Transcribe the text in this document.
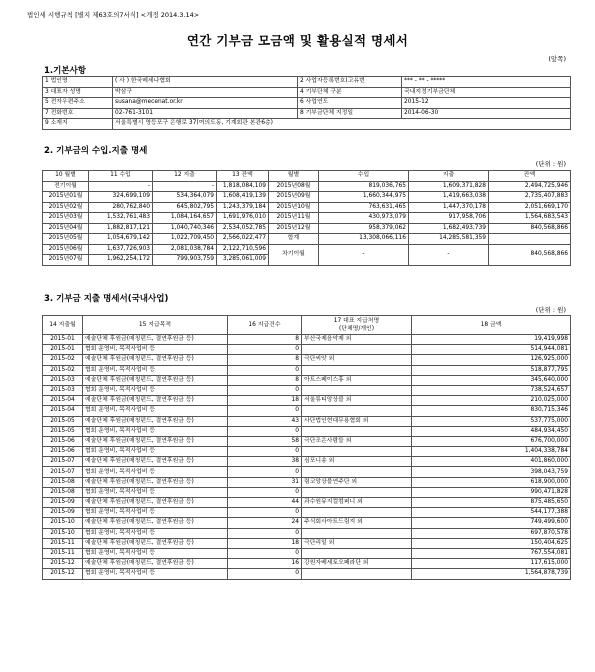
법인세 시행규칙 [별지 제63호의7서식] <개정 2014.3.14>
연간 기부금 모금액 및 활용실적 명세서
(앞쪽)
1.기본사항
1 법인명	( 사 ) 한국메세나협회	2 사업자등록번호(고유번	*** - ** - *****
3 대표자 성명	박삼구	4 기부단체 구분	국내지정기부금단체
5 전자우편주소	susana@mecenat.or.kr	6 사업연도	2015-12
7 전화번호	02-761-3101	8 기부금단체 지정일	2014-06-30
9 소재지	서울특별시 영등포구 은행로 37(여의도동, 기계회관 본관6층)		
2. 기부금의 수입.지출 명세
(단위 : 원)
10 월별	11 수입	12 지출	13 잔액	월별	수입	지출	잔액
전기이월	-	-	1,818,084,109	2015년08월	819,036,765	1,609,371,828	2,494,725,946
2015년01월	324,699,109	534,364,079	1,608,419,139	2015년09월	1,660,344,975	1,419,663,038	2,735,407,883
2015년02월	280,762,840	645,802,795	1,243,379,184	2015년10월	763,631,465	1,447,370,178	2,051,669,170
2015년03월	1,532,761,483	1,084,164,657	1,691,976,010	2015년11월	430,973,079	917,958,706	1,564,683,543
2015년04월	1,882,817,121	1,040,740,346	2,534,052,785	2015년12월	958,379,062	1,682,493,739	840,568,866
2015년05월	1,054,679,142	1,022,709,450	2,566,022,477	합계	13,308,066,116	14,285,581,359	
2015년06월	1,637,726,903	2,081,038,784	2,122,710,596	차기이월	-	-	840,568,866
2015년07월	1,962,254,172	799,903,759	3,285,061,009				
3. 기부금 지출 명세서(국내사업)
(단위 : 원)
14 지출월	15 지급목적	16 지급건수	17 대표 지급처명
(단체명/개인)	18 금액
2015-01	예술단체 후원금(매칭펀드, 결연후원금 등)	8	부산국제음악제 외	19,419,998
2015-01	협회 운영비, 목적사업비 등	0		514,944,081
2015-02	예술단체 후원금(매칭펀드, 결연후원금 등)	8	극단씨앗 외	126,925,000
2015-02	협회 운영비, 목적사업비 등	0		518,877,795
2015-03	예술단체 후원금(매칭펀드, 결연후원금 등)	8	아트스페이스휴 외	345,640,000
2015-03	협회 운영비, 목적사업비 등	0		738,524,657
2015-04	예술단체 후원금(매칭펀드, 결연후원금 등)	18	서울튜티앙상블 외	210,025,000
2015-04	협회 운영비, 목적사업비 등	0		830,715,346
2015-05	예술단체 후원금(매칭펀드, 결연후원금 등)	43	사단법인현대무용협회 외	537,775,000
2015-05	협회 운영비, 목적사업비 등	0		484,934,450
2015-06	예술단체 후원금(매칭펀드, 결연후원금 등)	58	극단조은사람들 외	676,700,000
2015-06	협회 운영비, 목적사업비 등	0		1,404,338,784
2015-07	예술단체 후원금(매칭펀드, 결연후원금 등)	38	심포니송 외	401,860,000
2015-07	협회 운영비, 목적사업비 등	0		398,043,759
2015-08	예술단체 후원금(매칭펀드, 결연후원금 등)	31	림코앙상블연주단 외	618,900,000
2015-08	협회 운영비, 목적사업비 등	0		990,471,828
2015-09	예술단체 후원금(매칭펀드, 결연후원금 등)	44	과수원뮤지컬컴퍼니 외	875,485,650
2015-09	협회 운영비, 목적사업비 등	0		544,177,388
2015-10	예술단체 후원금(매칭펀드, 결연후원금 등)	24	주식회사아트드림지 외	749,499,600
2015-10	협회 운영비, 목적사업비 등	0		697,870,578
2015-11	예술단체 후원금(매칭펀드, 결연후원금 등)	18	극단리일 외	150,404,625
2015-11	협회 운영비, 목적사업비 등	0		767,554,081
2015-12	예술단체 후원금(매칭펀드, 결연후원금 등)	16	강원자베세토오페라단 외	117,615,000
2015-12	협회 운영비, 목적사업비 등	0		1,564,878,739
